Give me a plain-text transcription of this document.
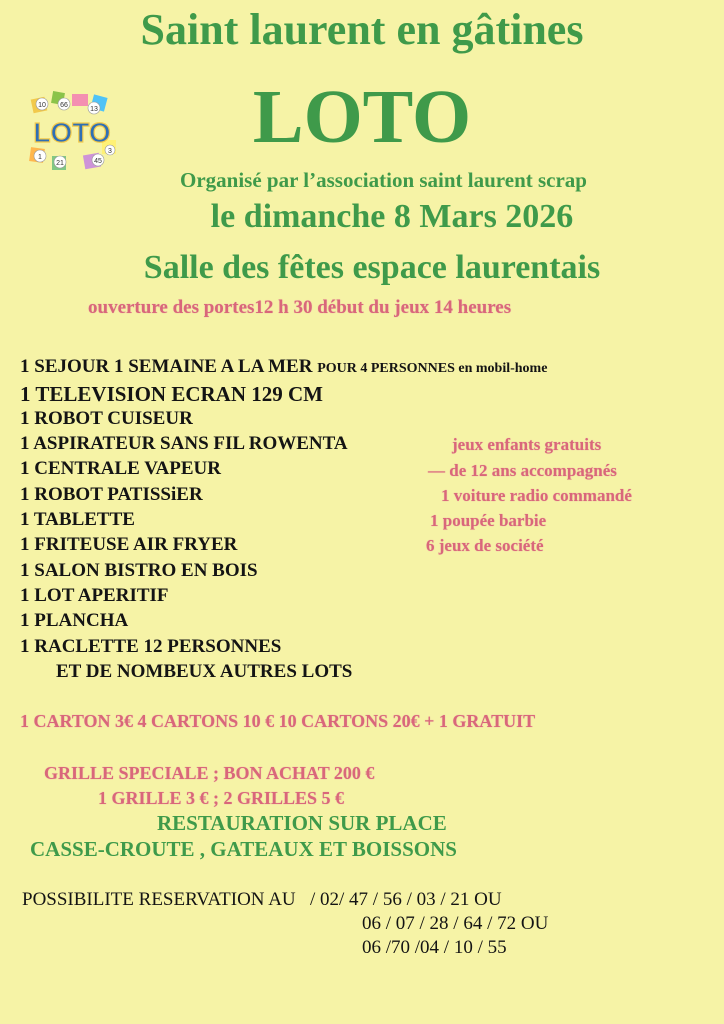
Saint laurent en gâtines
10 66
13
1
21	45
3
LOTO	LOTO
Organisé par l’association saint laurent scrap
le dimanche 8 Mars 2026
Salle des fêtes espace laurentais
ouverture des portes12 h 30 début du jeux 14 heures
1 SEJOUR 1 SEMAINE A LA MER POUR 4 PERSONNES en mobil-home
1 TELEVISION ECRAN 129 CM
1 ROBOT CUISEUR
1 ASPIRATEUR SANS FIL ROWENTA
1 CENTRALE VAPEUR
1 ROBOT PATISSiER
1 TABLETTE
1 FRITEUSE AIR FRYER
1 SALON BISTRO EN BOIS
1 LOT APERITIF
1 PLANCHA
1 RACLETTE 12 PERSONNES
ET DE NOMBEUX AUTRES LOTS
jeux enfants gratuits
— de 12 ans accompagnés
1 voiture radio commandé
1 poupée barbie
6 jeux de société
1 CARTON 3€ 4 CARTONS 10 € 10 CARTONS 20€ + 1 GRATUIT
GRILLE SPECIALE ; BON ACHAT 200 €
1 GRILLE 3 € ; 2 GRILLES 5 €
RESTAURATION SUR PLACE
CASSE-CROUTE , GATEAUX ET BOISSONS
POSSIBILITE RESERVATION AU / 02/ 47 / 56 / 03 / 21 OU
06 / 07 / 28 / 64 / 72 OU
06 /70 /04 / 10 / 55
